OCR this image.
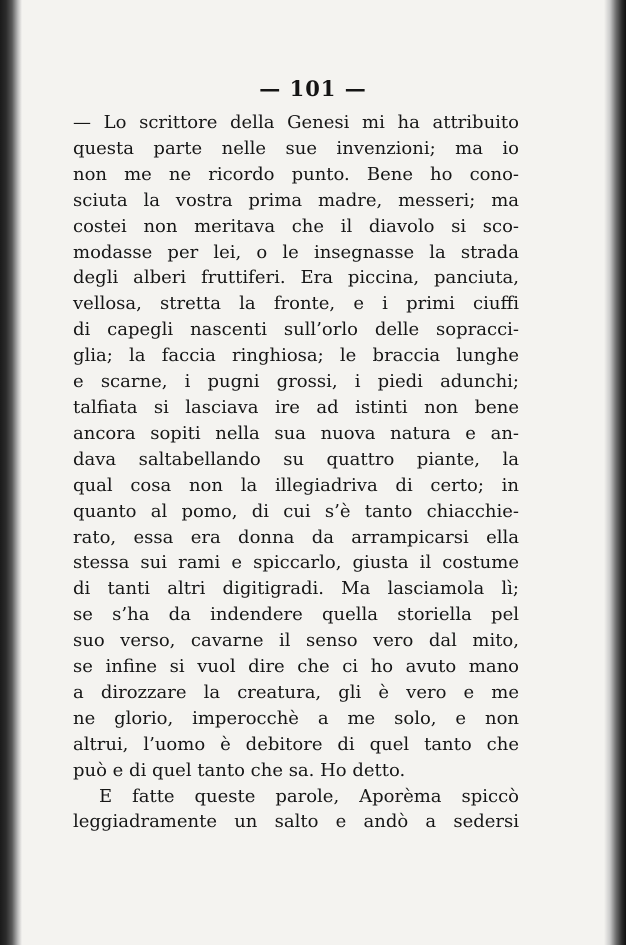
— 101 —
— Lo scrittore della Genesi mi ha attribuito
questa parte nelle sue invenzioni; ma io
non me ne ricordo punto. Bene ho cono-
sciuta la vostra prima madre, messeri; ma
costei non meritava che il diavolo si sco-
modasse per lei, o le insegnasse la strada
degli alberi fruttiferi. Era piccina, panciuta,
vellosa, stretta la fronte, e i primi ciuffi
di capegli nascenti sull’orlo delle sopracci-
glia; la faccia ringhiosa; le braccia lunghe
e scarne, i pugni grossi, i piedi adunchi;
talfiata si lasciava ire ad istinti non bene
ancora sopiti nella sua nuova natura e an-
dava saltabellando su quattro piante, la
qual cosa non la illegiadriva di certo; in
quanto al pomo, di cui s’è tanto chiacchie-
rato, essa era donna da arrampicarsi ella
stessa sui rami e spiccarlo, giusta il costume
di tanti altri digitigradi. Ma lasciamola lì;
se s’ha da indendere quella storiella pel
suo verso, cavarne il senso vero dal mito,
se infine si vuol dire che ci ho avuto mano
a dirozzare la creatura, gli è vero e me
ne glorio, imperocchè a me solo, e non
altrui, l’uomo è debitore di quel tanto che
può e di quel tanto che sa. Ho detto.
E fatte queste parole, Aporèma spiccò
leggiadramente un salto e andò a sedersi
